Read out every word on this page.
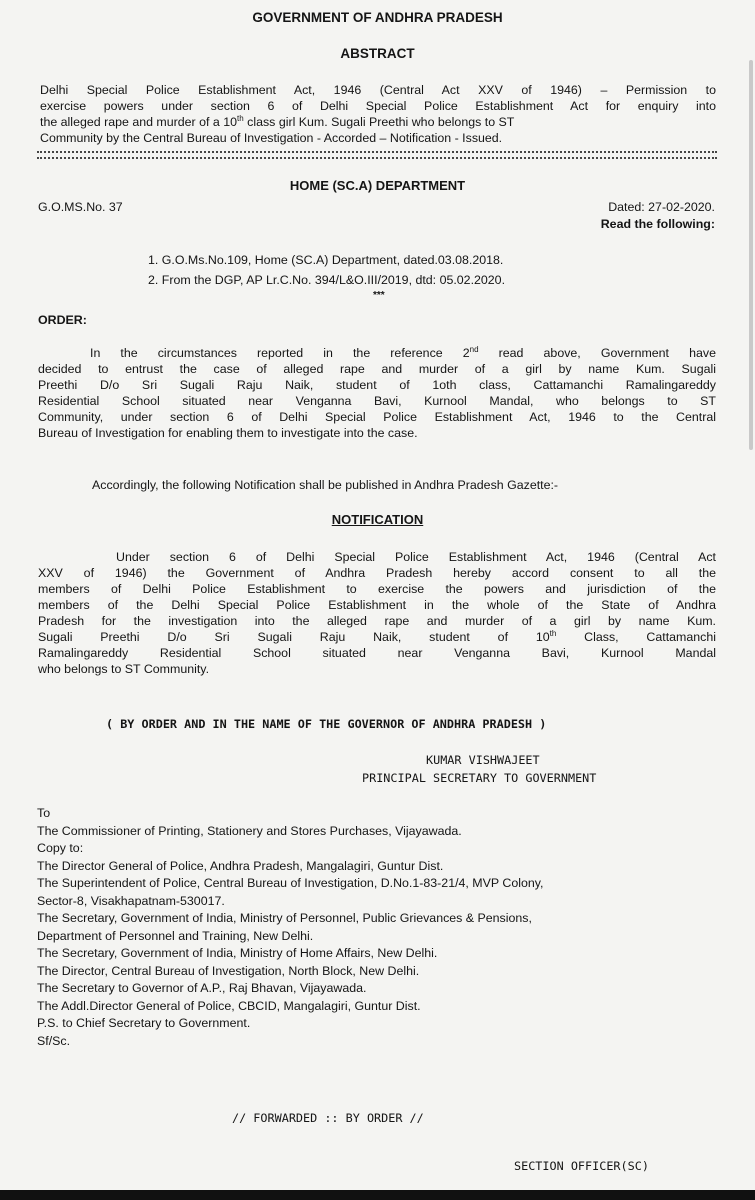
GOVERNMENT OF ANDHRA PRADESH
ABSTRACT
Delhi Special Police Establishment Act, 1946 (Central Act XXV of 1946) – Permission to
exercise powers under section 6 of Delhi Special Police Establishment Act for enquiry into
the alleged rape and murder of a 10th class girl Kum. Sugali Preethi who belongs to ST
Community by the Central Bureau of Investigation - Accorded – Notification - Issued.
HOME (SC.A) DEPARTMENT
G.O.MS.No. 37	Dated: 27-02-2020.
Read the following:
1. G.O.Ms.No.109, Home (SC.A) Department, dated.03.08.2018.
2. From the DGP, AP Lr.C.No. 394/L&O.III/2019, dtd: 05.02.2020.
***
ORDER:
In the circumstances reported in the reference 2nd read above, Government have
decided to entrust the case of alleged rape and murder of a girl by name Kum. Sugali
Preethi D/o Sri Sugali Raju Naik, student of 1oth class, Cattamanchi Ramalingareddy
Residential School situated near Venganna Bavi, Kurnool Mandal, who belongs to ST
Community, under section 6 of Delhi Special Police Establishment Act, 1946 to the Central
Bureau of Investigation for enabling them to investigate into the case.
Accordingly, the following Notification shall be published in Andhra Pradesh Gazette:-
NOTIFICATION
Under section 6 of Delhi Special Police Establishment Act, 1946 (Central Act
XXV of 1946) the Government of Andhra Pradesh hereby accord consent to all the
members of Delhi Police Establishment to exercise the powers and jurisdiction of the
members of the Delhi Special Police Establishment in the whole of the State of Andhra
Pradesh for the investigation into the alleged rape and murder of a girl by name Kum.
Sugali Preethi D/o Sri Sugali Raju Naik, student of 10th Class, Cattamanchi
Ramalingareddy Residential School situated near Venganna Bavi, Kurnool Mandal
who belongs to ST Community.
( BY ORDER AND IN THE NAME OF THE GOVERNOR OF ANDHRA PRADESH )
KUMAR VISHWAJEET
PRINCIPAL SECRETARY TO GOVERNMENT
To
The Commissioner of Printing, Stationery and Stores Purchases, Vijayawada.
Copy to:
The Director General of Police, Andhra Pradesh, Mangalagiri, Guntur Dist.
The Superintendent of Police, Central Bureau of Investigation, D.No.1-83-21/4, MVP Colony,
Sector-8, Visakhapatnam-530017.
The Secretary, Government of India, Ministry of Personnel, Public Grievances & Pensions,
Department of Personnel and Training, New Delhi.
The Secretary, Government of India, Ministry of Home Affairs, New Delhi.
The Director, Central Bureau of Investigation, North Block, New Delhi.
The Secretary to Governor of A.P., Raj Bhavan, Vijayawada.
The Addl.Director General of Police, CBCID, Mangalagiri, Guntur Dist.
P.S. to Chief Secretary to Government.
Sf/Sc.
// FORWARDED :: BY ORDER //
SECTION OFFICER(SC)
